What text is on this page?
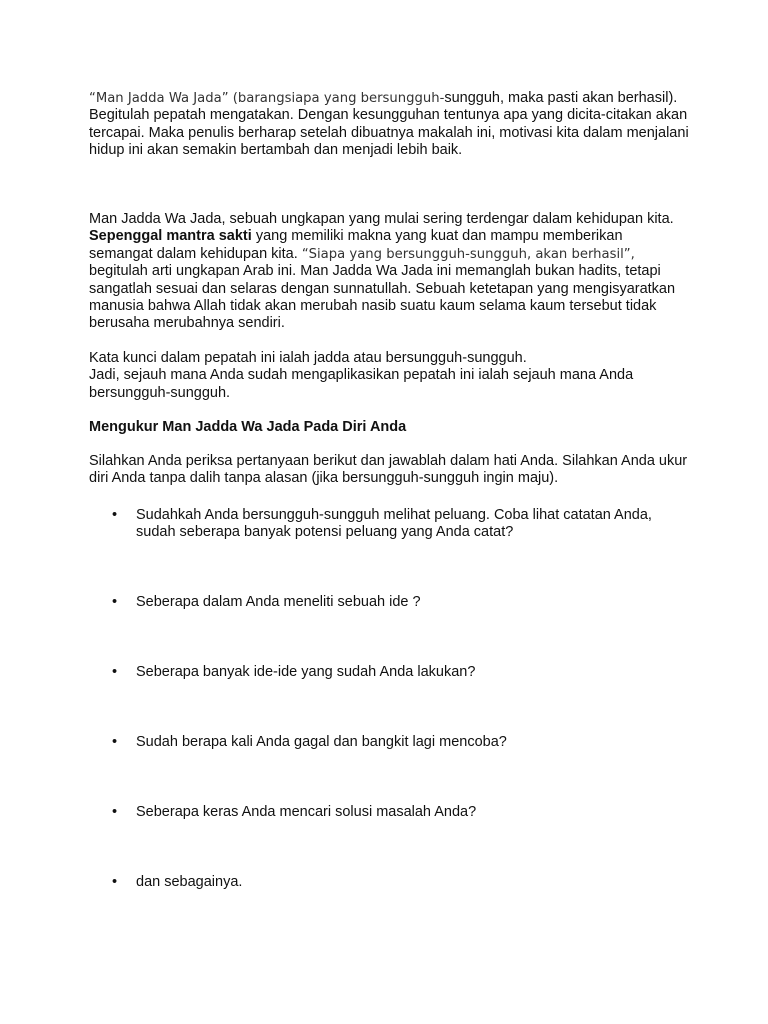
“Man Jadda Wa Jada” (barangsiapa yang bersungguh-sungguh, maka pasti akan berhasil). Begitulah pepatah mengatakan. Dengan kesungguhan tentunya apa yang dicita-citakan akan tercapai. Maka penulis berharap setelah dibuatnya makalah ini, motivasi kita dalam menjalani hidup ini akan semakin bertambah dan menjadi lebih baik.

Man Jadda Wa Jada, sebuah ungkapan yang mulai sering terdengar dalam kehidupan kita. Sepenggal mantra sakti yang memiliki makna yang kuat dan mampu memberikan semangat dalam kehidupan kita. “Siapa yang bersungguh-sungguh, akan berhasil”, begitulah arti ungkapan Arab ini. Man Jadda Wa Jada ini memanglah bukan hadits, tetapi sangatlah sesuai dan selaras dengan sunnatullah. Sebuah ketetapan yang mengisyaratkan manusia bahwa Allah tidak akan merubah nasib suatu kaum selama kaum tersebut tidak berusaha merubahnya sendiri.

Kata kunci dalam pepatah ini ialah jadda atau bersungguh-sungguh.
Jadi, sejauh mana Anda sudah mengaplikasikan pepatah ini ialah sejauh mana Anda bersungguh-sungguh.

Mengukur Man Jadda Wa Jada Pada Diri Anda

Silahkan Anda periksa pertanyaan berikut dan jawablah dalam hati Anda. Silahkan Anda ukur diri Anda tanpa dalih tanpa alasan (jika bersungguh-sungguh ingin maju).

• Sudahkah Anda bersungguh-sungguh melihat peluang. Coba lihat catatan Anda, sudah seberapa banyak potensi peluang yang Anda catat?
• Seberapa dalam Anda meneliti sebuah ide ?
• Seberapa banyak ide-ide yang sudah Anda lakukan?
• Sudah berapa kali Anda gagal dan bangkit lagi mencoba?
• Seberapa keras Anda mencari solusi masalah Anda?
• dan sebagainya.
